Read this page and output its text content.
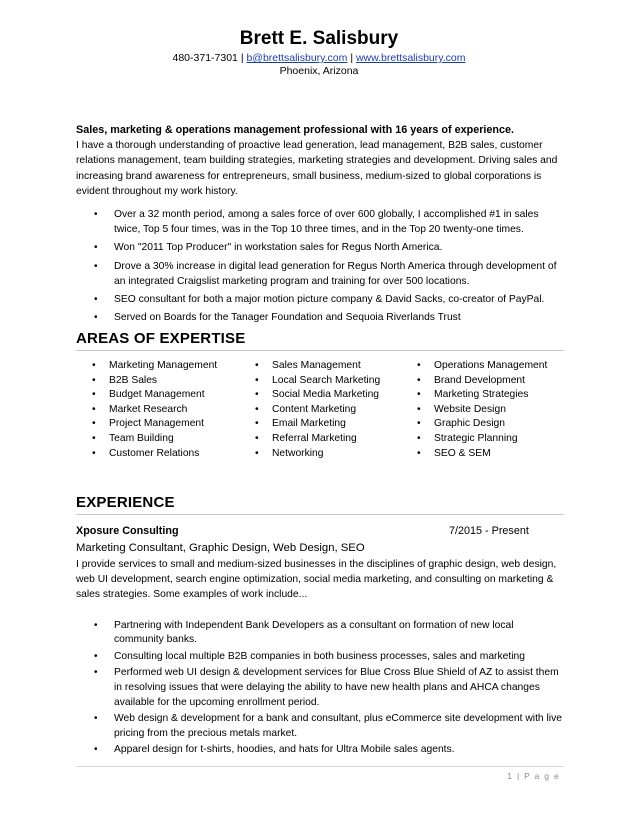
Brett E. Salisbury
480-371-7301 | b@brettsalisbury.com | www.brettsalisbury.com
Phoenix, Arizona
Sales, marketing & operations management professional with 16 years of experience.
I have a thorough understanding of proactive lead generation, lead management, B2B sales, customer relations management, team building strategies, marketing strategies and development. Driving sales and increasing brand awareness for entrepreneurs, small business, medium-sized to global corporations is evident throughout my work history.
• Over a 32 month period, among a sales force of over 600 globally, I accomplished #1 in sales twice, Top 5 four times, was in the Top 10 three times, and in the Top 20 twenty-one times.
• Won "2011 Top Producer" in workstation sales for Regus North America.
• Drove a 30% increase in digital lead generation for Regus North America through development of an integrated Craigslist marketing program and training for over 500 locations.
• SEO consultant for both a major motion picture company & David Sacks, co-creator of PayPal.
• Served on Boards for the Tanager Foundation and Sequoia Riverlands Trust
AREAS OF EXPERTISE
• Marketing Management
• B2B Sales
• Budget Management
• Market Research
• Project Management
• Team Building
• Customer Relations
• Sales Management
• Local Search Marketing
• Social Media Marketing
• Content Marketing
• Email Marketing
• Referral Marketing
• Networking
• Operations Management
• Brand Development
• Marketing Strategies
• Website Design
• Graphic Design
• Strategic Planning
• SEO & SEM
EXPERIENCE
Xposure Consulting	7/2015 - Present
Marketing Consultant, Graphic Design, Web Design, SEO
I provide services to small and medium-sized businesses in the disciplines of graphic design, web design, web UI development, search engine optimization, social media marketing, and consulting on marketing & sales strategies. Some examples of work include...
• Partnering with Independent Bank Developers as a consultant on formation of new local community banks.
• Consulting local multiple B2B companies in both business processes, sales and marketing
• Performed web UI design & development services for Blue Cross Blue Shield of AZ to assist them in resolving issues that were delaying the ability to have new health plans and AHCA changes available for the upcoming enrollment period.
• Web design & development for a bank and consultant, plus eCommerce site development with live pricing from the precious metals market.
• Apparel design for t-shirts, hoodies, and hats for Ultra Mobile sales agents.
1 | P a g e
